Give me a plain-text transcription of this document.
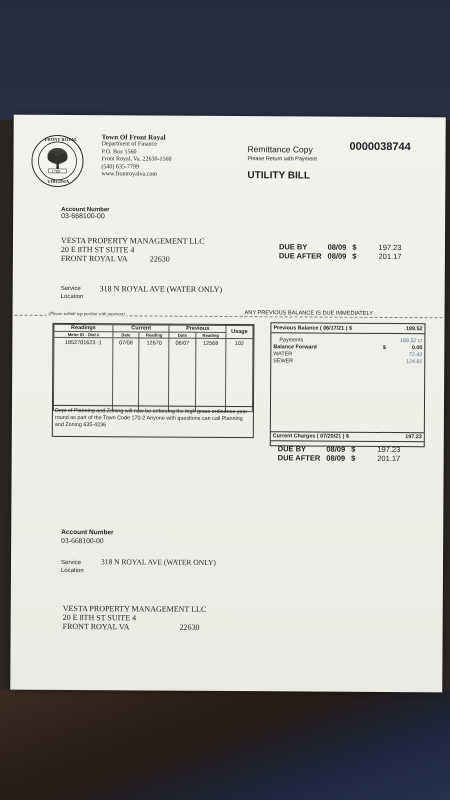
FRONT ROYAL
1788
VIRGINIA
Town Of Front Royal
Department of Finance
P.O. Box 1560
Front Royal, Va. 22630-1560
(540) 635-7799
www.frontroyalva.com
Remittance Copy
Please Return with Payment
0000038744
UTILITY BILL
Account Number
03-668100-00
VESTA PROPERTY MANAGEMENT LLC
20 E 8TH ST SUITE 4
FRONT ROYAL VA	22630
DUE BY	08/09	$	197.23
DUE AFTER	08/09	$	201.17
Service
Location
318 N ROYAL AVE (WATER ONLY)
(Please submit top portion with payment)	ANY PREVIOUS BALANCE IS DUE IMMEDIATELY
Readings	Current		Previous		Usage
Meter ID - Dial #	Date	Reading	Date	Reading	
1852701623 -1	07/08	12670	06/07	12568	102
Dept of Planning and Zoning will now be enforcing the high grass ordinance year round as part of the Town Code 170-2 Anyone with questions can call Planning and Zoning 635-4236
Previous Balance ( 06/17/21 ) $	189.52
Payments	189.52 cr
Balance Forward	$	0.00
WATER	72.42
SEWER	124.81
Current Charges ( 07/20/21 ) $	197.23
DUE BY	08/09	$	197.23
DUE AFTER	08/09	$	201.17
Account Number
03-668100-00
Service
Location
318 N ROYAL AVE (WATER ONLY)
VESTA PROPERTY MANAGEMENT LLC
20 E 8TH ST SUITE 4
FRONT ROYAL VA	22630
